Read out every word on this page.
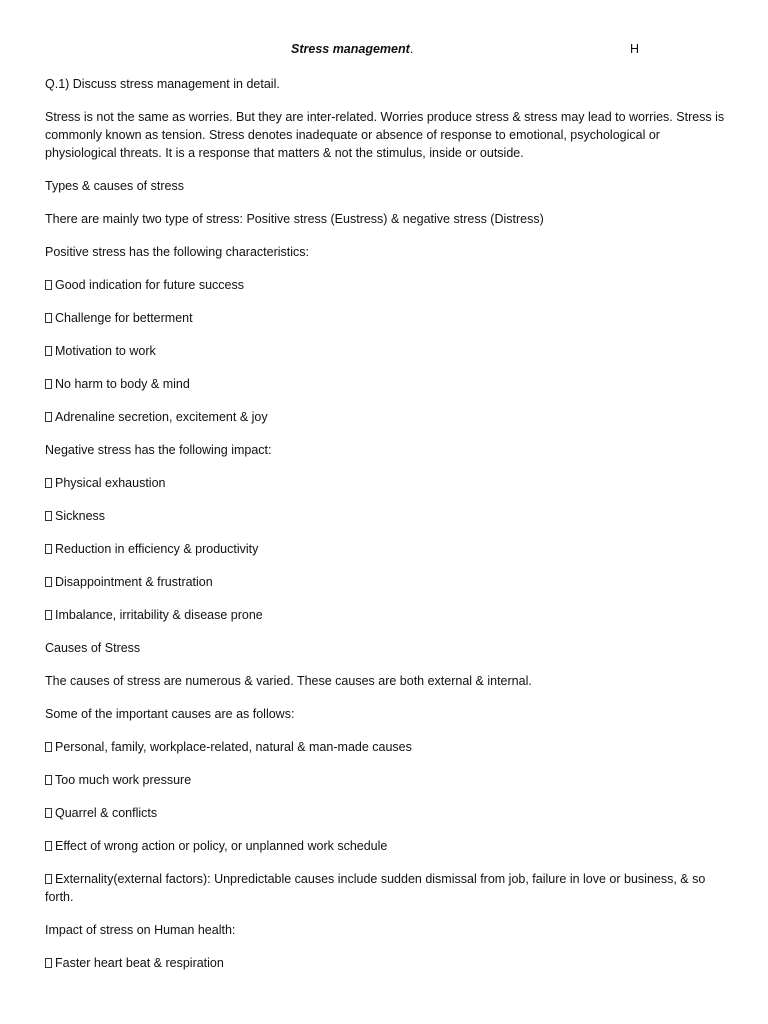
Stress management.	H

Q.1) Discuss stress management in detail.

Stress is not the same as worries. But they are inter-related. Worries produce stress & stress may lead to worries. Stress is commonly known as tension. Stress denotes inadequate or absence of response to emotional, psychological or physiological threats. It is a response that matters & not the stimulus, inside or outside.

Types & causes of stress

There are mainly two type of stress: Positive stress (Eustress) & negative stress (Distress)

Positive stress has the following characteristics:

Good indication for future success

Challenge for betterment

Motivation to work

No harm to body & mind

Adrenaline secretion, excitement & joy

Negative stress has the following impact:

Physical exhaustion

Sickness

Reduction in efficiency & productivity

Disappointment & frustration

Imbalance, irritability & disease prone

Causes of Stress

The causes of stress are numerous & varied. These causes are both external & internal.

Some of the important causes are as follows:

Personal, family, workplace-related, natural & man-made causes

Too much work pressure

Quarrel & conflicts

Effect of wrong action or policy, or unplanned work schedule

Externality(external factors): Unpredictable causes include sudden dismissal from job, failure in love or business, & so forth.

Impact of stress on Human health:

Faster heart beat & respiration
